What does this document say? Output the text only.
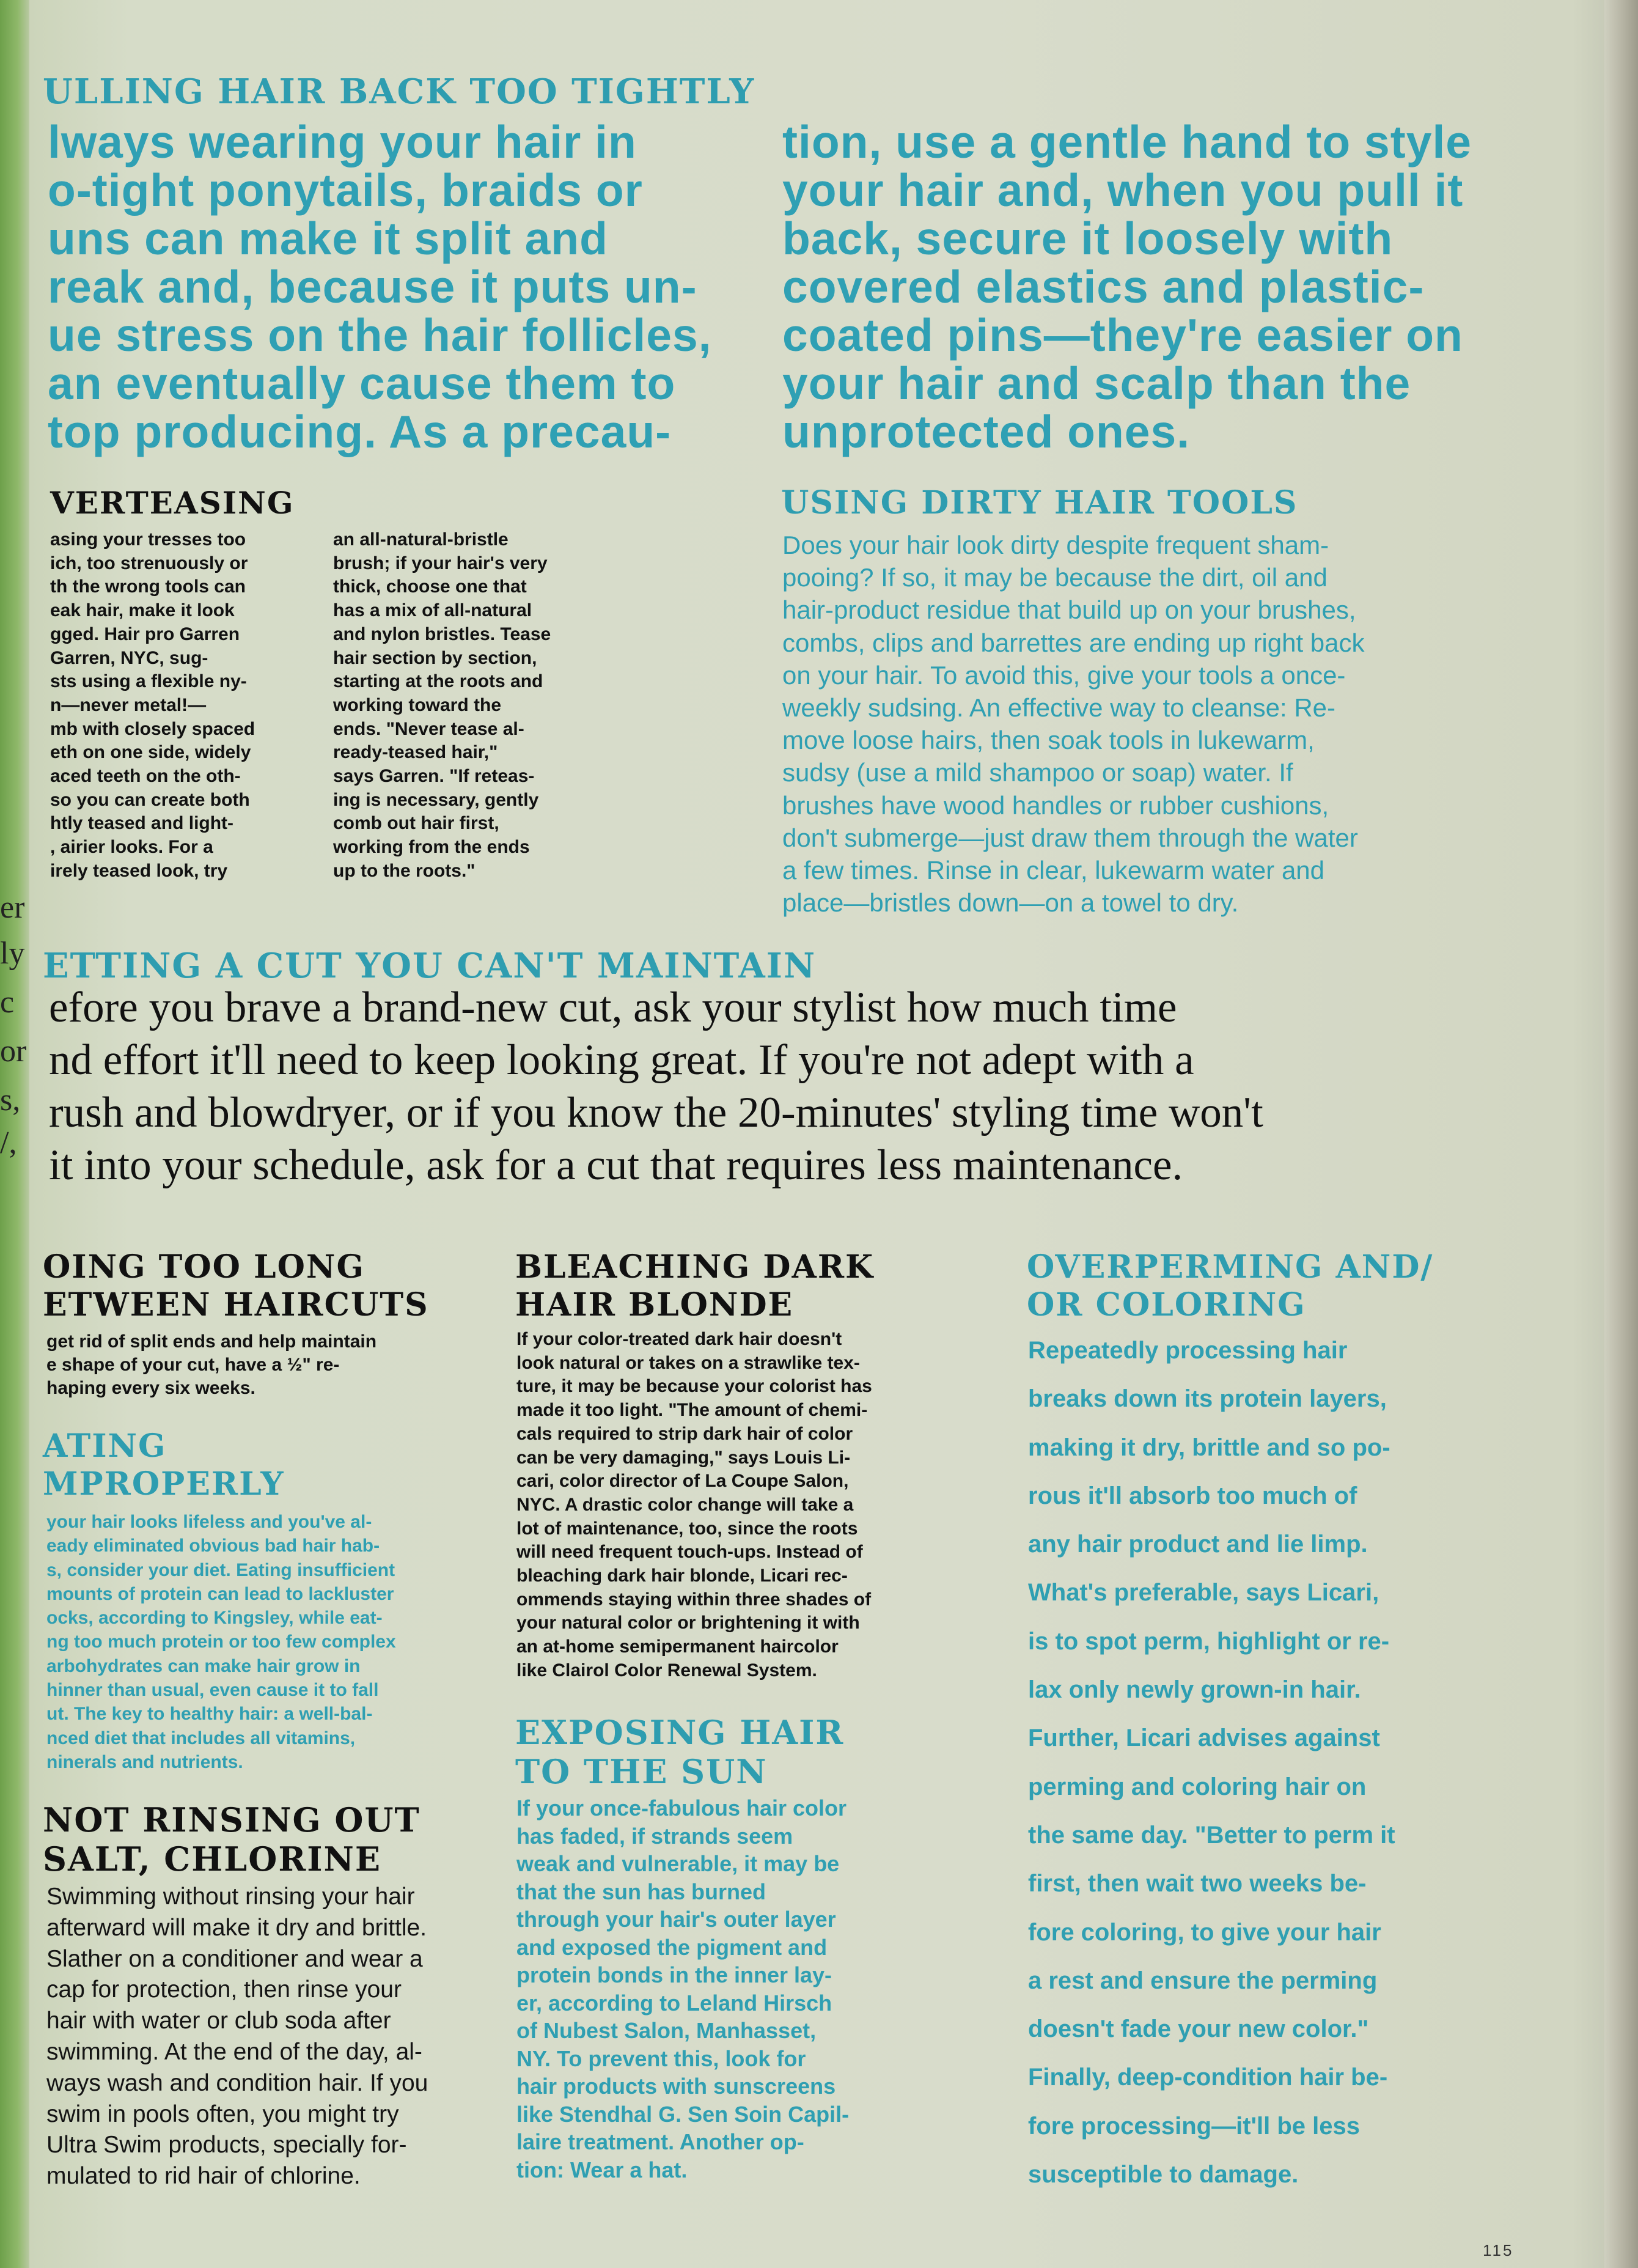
er
ly
c
or
s,
/,
ULLING HAIR BACK TOO TIGHTLY

lways wearing your hair in

o-tight ponytails, braids or

uns can make it split and

reak and, because it puts un-

ue stress on the hair follicles,

an eventually cause them to

top producing. As a precau-

tion, use a gentle hand to style

your hair and, when you pull it

back, secure it loosely with

covered elastics and plastic-

coated pins—they're easier on

your hair and scalp than the

unprotected ones.

VERTEASING

asing your tresses too

ich, too strenuously or

th the wrong tools can

eak hair, make it look

gged. Hair pro Garren

Garren, NYC, sug-

sts using a flexible ny-

n—never metal!—

mb with closely spaced

eth on one side, widely

aced teeth on the oth-

so you can create both

htly teased and light-

, airier looks. For a

irely teased look, try

an all-natural-bristle

brush; if your hair's very

thick, choose one that

has a mix of all-natural

and nylon bristles. Tease

hair section by section,

starting at the roots and

working toward the

ends. "Never tease al-

ready-teased hair,"

says Garren. "If reteas-

ing is necessary, gently

comb out hair first,

working from the ends

up to the roots."

USING DIRTY HAIR TOOLS

Does your hair look dirty despite frequent sham-

pooing? If so, it may be because the dirt, oil and

hair-product residue that build up on your brushes,

combs, clips and barrettes are ending up right back

on your hair. To avoid this, give your tools a once-

weekly sudsing. An effective way to cleanse: Re-

move loose hairs, then soak tools in lukewarm,

sudsy (use a mild shampoo or soap) water. If

brushes have wood handles or rubber cushions,

don't submerge—just draw them through the water

a few times. Rinse in clear, lukewarm water and

place—bristles down—on a towel to dry.

ETTING A CUT YOU CAN'T MAINTAIN

efore you brave a brand-new cut, ask your stylist how much time

nd effort it'll need to keep looking great. If you're not adept with a

rush and blowdryer, or if you know the 20-minutes' styling time won't

it into your schedule, ask for a cut that requires less maintenance.

OING TOO LONG
ETWEEN HAIRCUTS

get rid of split ends and help maintain

e shape of your cut, have a ½" re-

haping every six weeks.

ATING
MPROPERLY

your hair looks lifeless and you've al-

eady eliminated obvious bad hair hab-

s, consider your diet. Eating insufficient

mounts of protein can lead to lackluster

ocks, according to Kingsley, while eat-

ng too much protein or too few complex

arbohydrates can make hair grow in

hinner than usual, even cause it to fall

ut. The key to healthy hair: a well-bal-

nced diet that includes all vitamins,

ninerals and nutrients.

NOT RINSING OUT
SALT, CHLORINE

Swimming without rinsing your hair

afterward will make it dry and brittle.

Slather on a conditioner and wear a

cap for protection, then rinse your

hair with water or club soda after

swimming. At the end of the day, al-

ways wash and condition hair. If you

swim in pools often, you might try

Ultra Swim products, specially for-

mulated to rid hair of chlorine.

BLEACHING DARK
HAIR BLONDE

If your color-treated dark hair doesn't

look natural or takes on a strawlike tex-

ture, it may be because your colorist has

made it too light. "The amount of chemi-

cals required to strip dark hair of color

can be very damaging," says Louis Li-

cari, color director of La Coupe Salon,

NYC. A drastic color change will take a

lot of maintenance, too, since the roots

will need frequent touch-ups. Instead of

bleaching dark hair blonde, Licari rec-

ommends staying within three shades of

your natural color or brightening it with

an at-home semipermanent haircolor

like Clairol Color Renewal System.

EXPOSING HAIR
TO THE SUN

If your once-fabulous hair color

has faded, if strands seem

weak and vulnerable, it may be

that the sun has burned

through your hair's outer layer

and exposed the pigment and

protein bonds in the inner lay-

er, according to Leland Hirsch

of Nubest Salon, Manhasset,

NY. To prevent this, look for

hair products with sunscreens

like Stendhal G. Sen Soin Capil-

laire treatment. Another op-

tion: Wear a hat.

OVERPERMING AND/
OR COLORING

Repeatedly processing hair

breaks down its protein layers,

making it dry, brittle and so po-

rous it'll absorb too much of

any hair product and lie limp.

What's preferable, says Licari,

is to spot perm, highlight or re-

lax only newly grown-in hair.

Further, Licari advises against

perming and coloring hair on

the same day. "Better to perm it

first, then wait two weeks be-

fore coloring, to give your hair

a rest and ensure the perming

doesn't fade your new color."

Finally, deep-condition hair be-

fore processing—it'll be less

susceptible to damage.

115
